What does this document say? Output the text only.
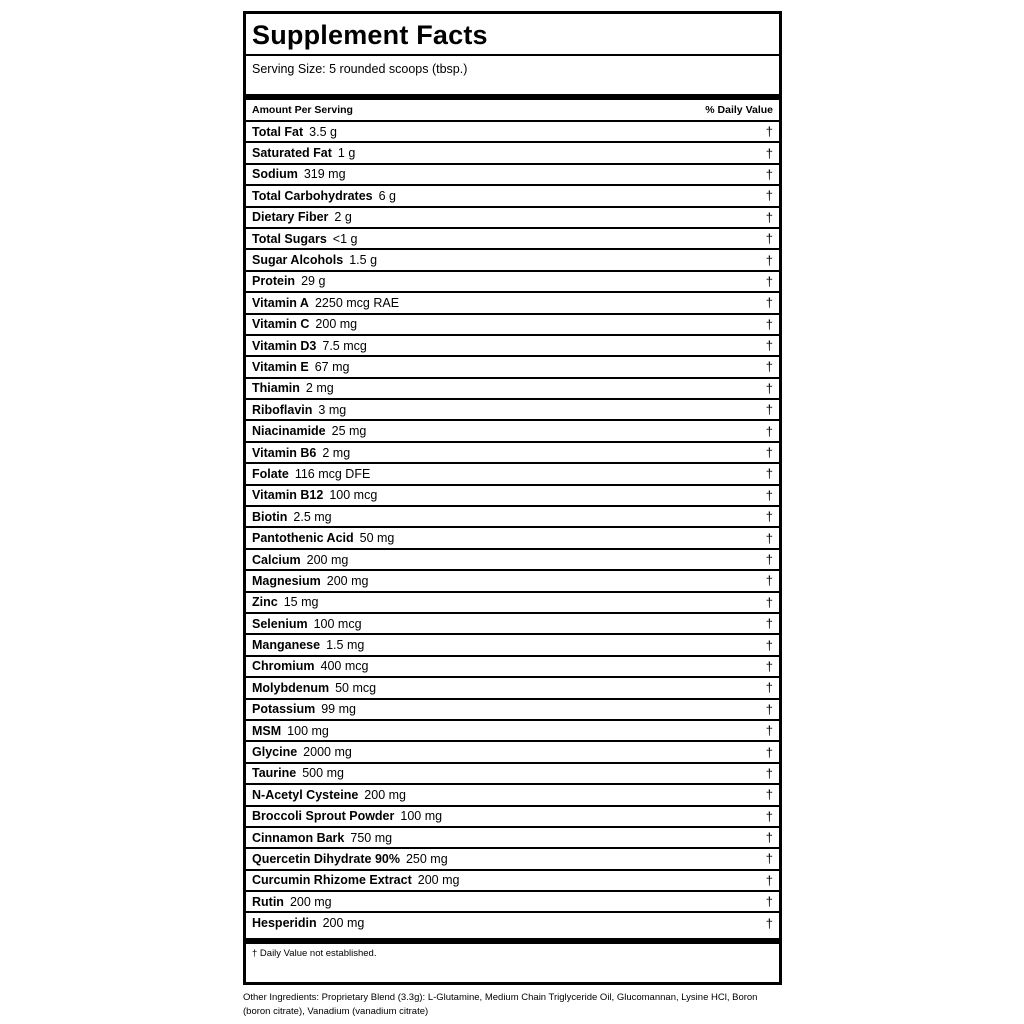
Supplement Facts
Serving Size: 5 rounded scoops (tbsp.)
Amount Per Serving	% Daily Value
Total Fat 3.5 g	†
Saturated Fat 1 g	†
Sodium 319 mg	†
Total Carbohydrates 6 g	†
Dietary Fiber 2 g	†
Total Sugars <1 g	†
Sugar Alcohols 1.5 g	†
Protein 29 g	†
Vitamin A 2250 mcg RAE	†
Vitamin C 200 mg	†
Vitamin D3 7.5 mcg	†
Vitamin E 67 mg	†
Thiamin 2 mg	†
Riboflavin 3 mg	†
Niacinamide 25 mg	†
Vitamin B6 2 mg	†
Folate 116 mcg DFE	†
Vitamin B12 100 mcg	†
Biotin 2.5 mg	†
Pantothenic Acid 50 mg	†
Calcium 200 mg	†
Magnesium 200 mg	†
Zinc 15 mg	†
Selenium 100 mcg	†
Manganese 1.5 mg	†
Chromium 400 mcg	†
Molybdenum 50 mcg	†
Potassium 99 mg	†
MSM 100 mg	†
Glycine 2000 mg	†
Taurine 500 mg	†
N-Acetyl Cysteine 200 mg	†
Broccoli Sprout Powder 100 mg	†
Cinnamon Bark 750 mg	†
Quercetin Dihydrate 90% 250 mg	†
Curcumin Rhizome Extract 200 mg	†
Rutin 200 mg	†
Hesperidin 200 mg	†
† Daily Value not established.
Other Ingredients: Proprietary Blend (3.3g): L-Glutamine, Medium Chain Triglyceride Oil, Glucomannan, Lysine HCl, Boron (boron citrate), Vanadium (vanadium citrate)
